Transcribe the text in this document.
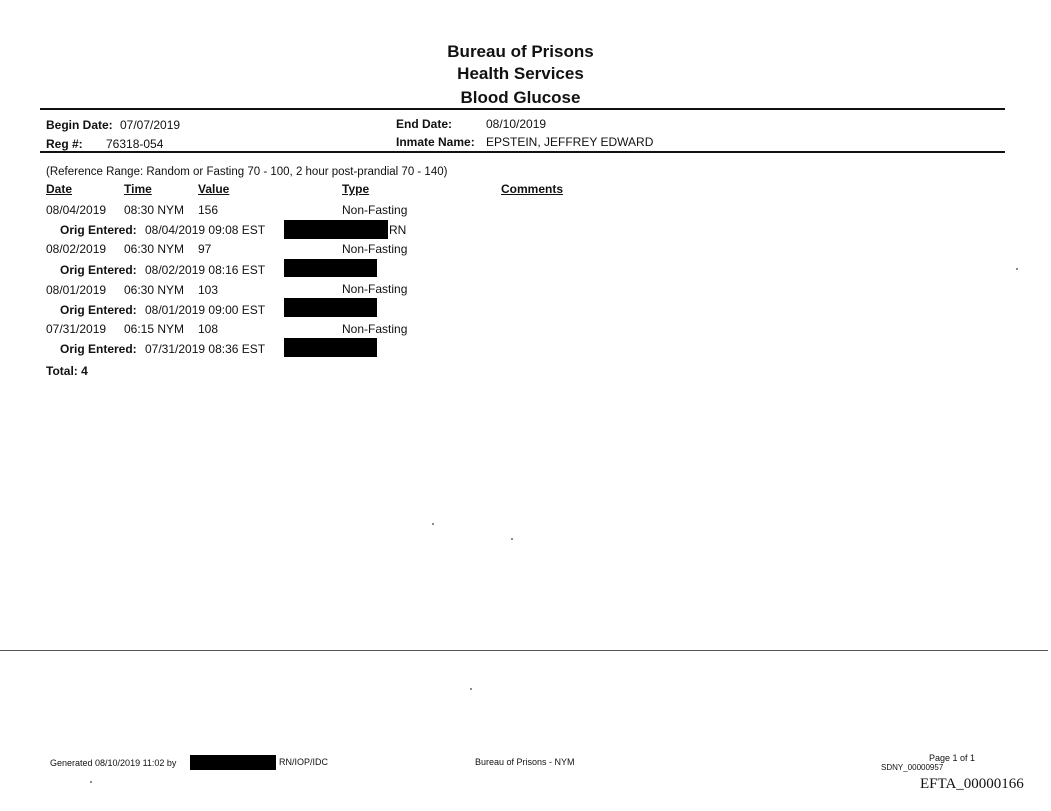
Bureau of Prisons
Health Services
Blood Glucose
Begin Date: 07/07/2019	End Date:	08/10/2019
Reg #: 76318-054	Inmate Name: EPSTEIN, JEFFREY EDWARD
(Reference Range: Random or Fasting 70 - 100, 2 hour post-prandial 70 - 140)
Date	Time	Value	Type	Comments
08/04/2019 08:30 NYM 156	Non-Fasting
Orig Entered: 08/04/2019 09:08 EST	RN
08/02/2019 06:30 NYM 97	Non-Fasting
Orig Entered: 08/02/2019 08:16 EST
08/01/2019 06:30 NYM 103	Non-Fasting
Orig Entered: 08/01/2019 09:00 EST
07/31/2019 06:15 NYM 108	Non-Fasting
Orig Entered: 07/31/2019 08:36 EST
Total: 4
Generated 08/10/2019 11:02 by	RN/IOP/IDC	Bureau of Prisons - NYM	Page 1 of 1
SDNY_00000957
EFTA_00000166
